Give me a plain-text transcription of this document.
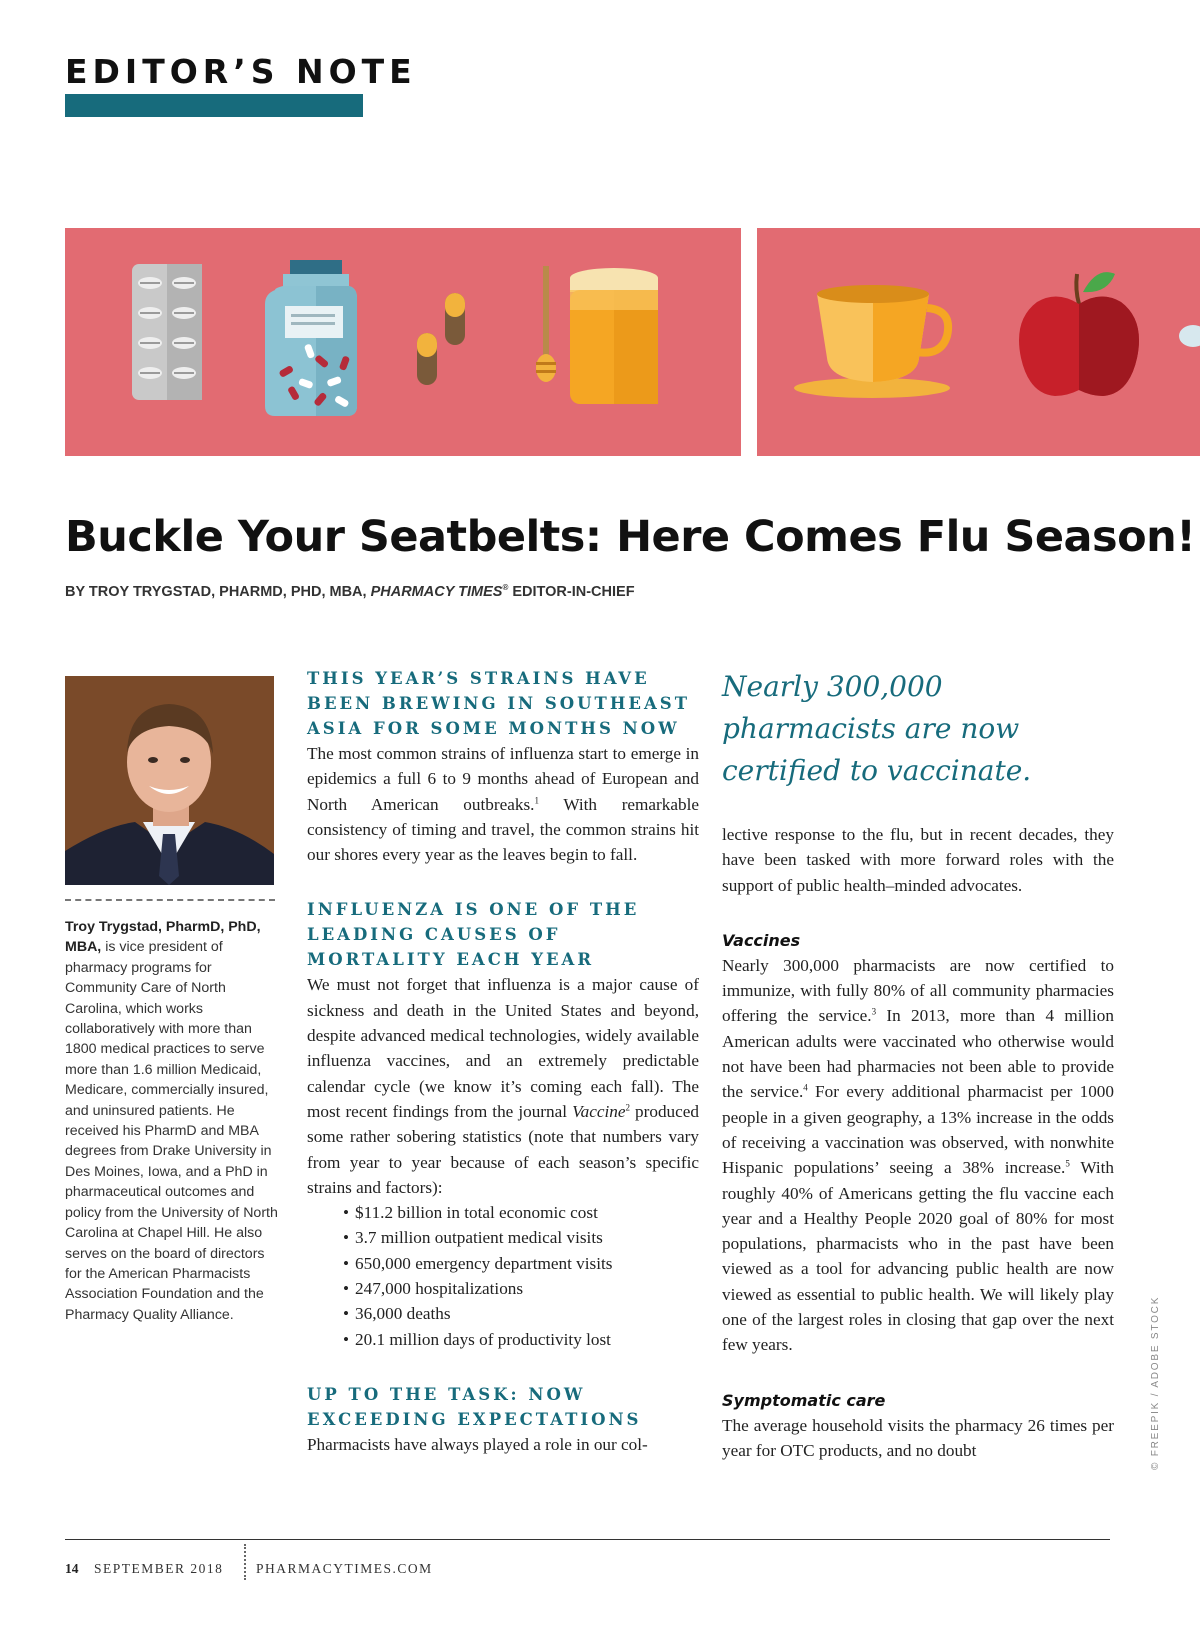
EDITOR’S NOTE
Buckle Your Seatbelts: Here Comes Flu Season!
BY TROY TRYGSTAD, PHARMD, PHD, MBA, PHARMACY TIMES® EDITOR-IN-CHIEF
Troy Trygstad, PharmD, PhD, MBA, is vice president of pharmacy programs for Community Care of North Carolina, which works collaboratively with more than 1800 medical practices to serve more than 1.6 million Medicaid, Medicare, commercially insured, and uninsured patients. He received his PharmD and MBA degrees from Drake University in Des Moines, Iowa, and a PhD in pharmaceutical outcomes and policy from the University of North Carolina at Chapel Hill. He also serves on the board of directors for the American Pharmacists Association Foundation and the Pharmacy Quality Alliance.
THIS YEAR’S STRAINS HAVE BEEN BREWING IN SOUTHEAST ASIA FOR SOME MONTHS NOW

The most common strains of influenza start to emerge in epidemics a full 6 to 9 months ahead of European and North American outbreaks.$^1$ With remarkable consistency of timing and travel, the common strains hit our shores every year as the leaves begin to fall.

INFLUENZA IS ONE OF THE LEADING CAUSES OF MORTALITY EACH YEAR

We must not forget that influenza is a major cause of sickness and death in the United States and beyond, despite advanced medical technologies, widely available influenza vaccines, and an extremely predictable calendar cycle (we know it’s coming each fall). The most recent findings from the journal Vaccine$^2$ produced some rather sobering statistics (note that numbers vary from year to year because of each season’s specific strains and factors):

• $11.2 billion in total economic cost
• 3.7 million outpatient medical visits
• 650,000 emergency department visits
• 247,000 hospitalizations
• 36,000 deaths
• 20.1 million days of productivity lost
UP TO THE TASK: NOW EXCEEDING EXPECTATIONS

Pharmacists have always played a role in our col-

Nearly 300,000 pharmacists are now certified to vaccinate.

lective response to the flu, but in recent decades, they have been tasked with more forward roles with the support of public health–minded advocates.

Vaccines

Nearly 300,000 pharmacists are now certified to immunize, with fully 80% of all community pharmacies offering the service.$^3$ In 2013, more than 4 million American adults were vaccinated who otherwise would not have been had pharmacies not been able to provide the service.$^4$ For every additional pharmacist per 1000 people in a given geography, a 13% increase in the odds of receiving a vaccination was observed, with nonwhite Hispanic populations’ seeing a 38% increase.$^5$ With roughly 40% of Americans getting the flu vaccine each year and a Healthy People 2020 goal of 80% for most populations, pharmacists who in the past have been viewed as a tool for advancing public health are now viewed as essential to public health. We will likely play one of the largest roles in closing that gap over the next few years.

Symptomatic care

The average household visits the pharmacy 26 times per year for OTC products, and no doubt	© FREEPIK / ADOBE STOCK
14 SEPTEMBER 2018 PHARMACYTIMES.COM
